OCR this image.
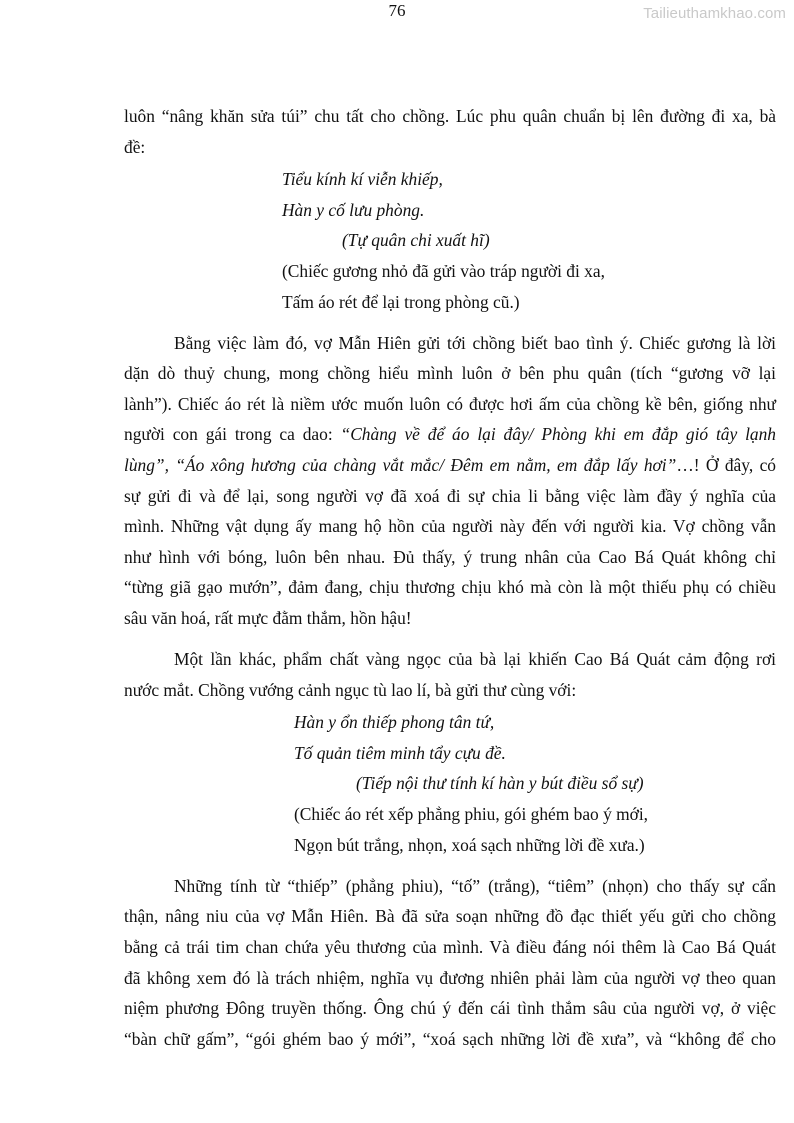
76	Tailieuthamkhao.com
luôn “nâng khăn sửa túi” chu tất cho chồng. Lúc phu quân chuẩn bị lên đường đi xa, bà
đề:
Tiểu kính kí viễn khiếp,
Hàn y cố lưu phòng.
(Tự quân chi xuất hĩ)
(Chiếc gương nhỏ đã gửi vào tráp người đi xa,
Tấm áo rét để lại trong phòng cũ.)
Bằng việc làm đó, vợ Mẫn Hiên gửi tới chồng biết bao tình ý. Chiếc gương là lời
dặn dò thuỷ chung, mong chồng hiểu mình luôn ở bên phu quân (tích “gương vỡ lại
lành”). Chiếc áo rét là niềm ước muốn luôn có được hơi ấm của chồng kề bên, giống như
người con gái trong ca dao: “Chàng về để áo lại đây/ Phòng khi em đắp gió tây lạnh
lùng”, “Áo xông hương của chàng vắt mắc/ Đêm em nằm, em đắp lấy hơi”…! Ở đây, có
sự gửi đi và để lại, song người vợ đã xoá đi sự chia li bằng việc làm đầy ý nghĩa của
mình. Những vật dụng ấy mang hộ hồn của người này đến với người kia. Vợ chồng vẫn
như hình với bóng, luôn bên nhau. Đủ thấy, ý trung nhân của Cao Bá Quát không chỉ
“từng giã gạo mướn”, đảm đang, chịu thương chịu khó mà còn là một thiếu phụ có chiều
sâu văn hoá, rất mực đằm thắm, hồn hậu!
Một lần khác, phẩm chất vàng ngọc của bà lại khiến Cao Bá Quát cảm động rơi
nước mắt. Chồng vướng cảnh ngục tù lao lí, bà gửi thư cùng với:
Hàn y ổn thiếp phong tân tứ,
Tố quản tiêm minh tẩy cựu đề.
(Tiếp nội thư tính kí hàn y bút điều sổ sự)
(Chiếc áo rét xếp phẳng phiu, gói ghém bao ý mới,
Ngọn bút trắng, nhọn, xoá sạch những lời đề xưa.)
Những tính từ “thiếp” (phẳng phiu), “tố” (trắng), “tiêm” (nhọn) cho thấy sự cẩn
thận, nâng niu của vợ Mẫn Hiên. Bà đã sửa soạn những đồ đạc thiết yếu gửi cho chồng
bằng cả trái tim chan chứa yêu thương của mình. Và điều đáng nói thêm là Cao Bá Quát
đã không xem đó là trách nhiệm, nghĩa vụ đương nhiên phải làm của người vợ theo quan
niệm phương Đông truyền thống. Ông chú ý đến cái tình thắm sâu của người vợ, ở việc
“bàn chữ gấm”, “gói ghém bao ý mới”, “xoá sạch những lời đề xưa”, và “không để cho
